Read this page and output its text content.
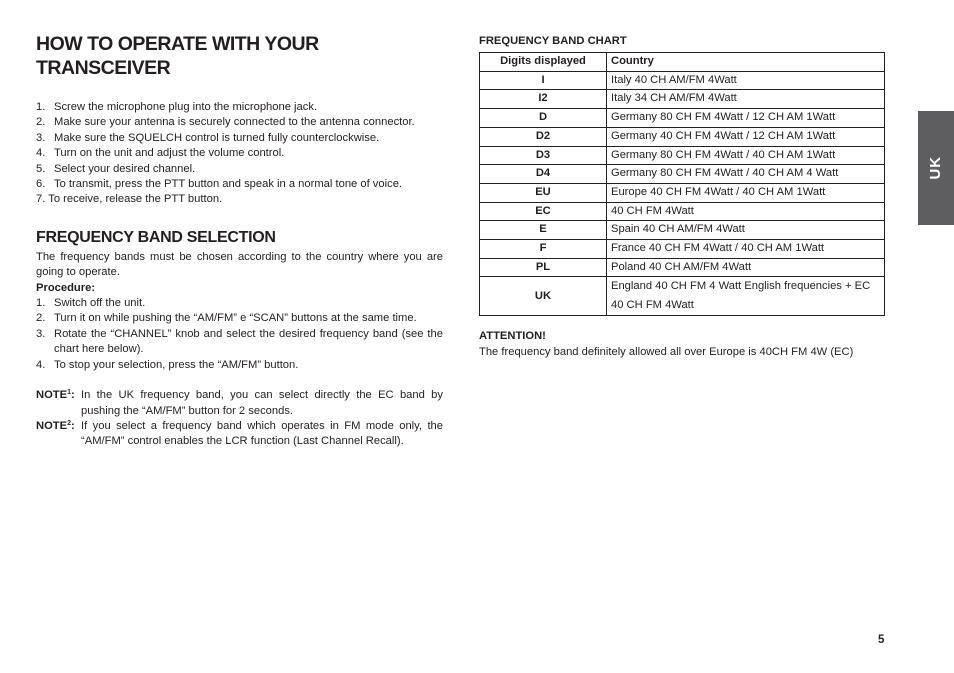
HOW TO OPERATE WITH YOUR TRANSCEIVER
1. Screw the microphone plug into the microphone jack.
2. Make sure your antenna is securely connected to the antenna connector.
3. Make sure the SQUELCH control is turned fully counterclockwise.
4. Turn on the unit and adjust the volume control.
5. Select your desired channel.
6. To transmit, press the PTT button and speak in a normal tone of voice.

7. To receive, release the PTT button.

FREQUENCY BAND SELECTION

The frequency bands must be chosen according to the country where you are going to operate.

Procedure:

1. Switch off the unit.
2. Turn it on while pushing the “AM/FM” e “SCAN” buttons at the same time.
3. Rotate the “CHANNEL” knob and select the desired frequency band (see the chart here below).
4. To stop your selection, press the “AM/FM” button.
NOTE$^1$: In the UK frequency band, you can select directly the EC band by pushing the “AM/FM” button for 2 seconds.
NOTE$^2$: If you select a frequency band which operates in FM mode only, the “AM/FM” control enables the LCR function (Last Channel Recall).

FREQUENCY BAND CHART

Digits displayed	Country
I	Italy 40 CH AM/FM 4Watt
I2	Italy 34 CH AM/FM 4Watt
D	Germany 80 CH FM 4Watt / 12 CH AM 1Watt
D2	Germany 40 CH FM 4Watt / 12 CH AM 1Watt
D3	Germany 80 CH FM 4Watt / 40 CH AM 1Watt
D4	Germany 80 CH FM 4Watt / 40 CH AM 4 Watt
EU	Europe 40 CH FM 4Watt / 40 CH AM 1Watt
EC	40 CH FM 4Watt
E	Spain 40 CH AM/FM 4Watt
F	France 40 CH FM 4Watt / 40 CH AM 1Watt
PL	Poland 40 CH AM/FM 4Watt
UK	England 40 CH FM 4 Watt English frequencies + EC 40 CH FM 4Watt

ATTENTION!

The frequency band definitely allowed all over Europe is 40CH FM 4W (EC)

UK
5
